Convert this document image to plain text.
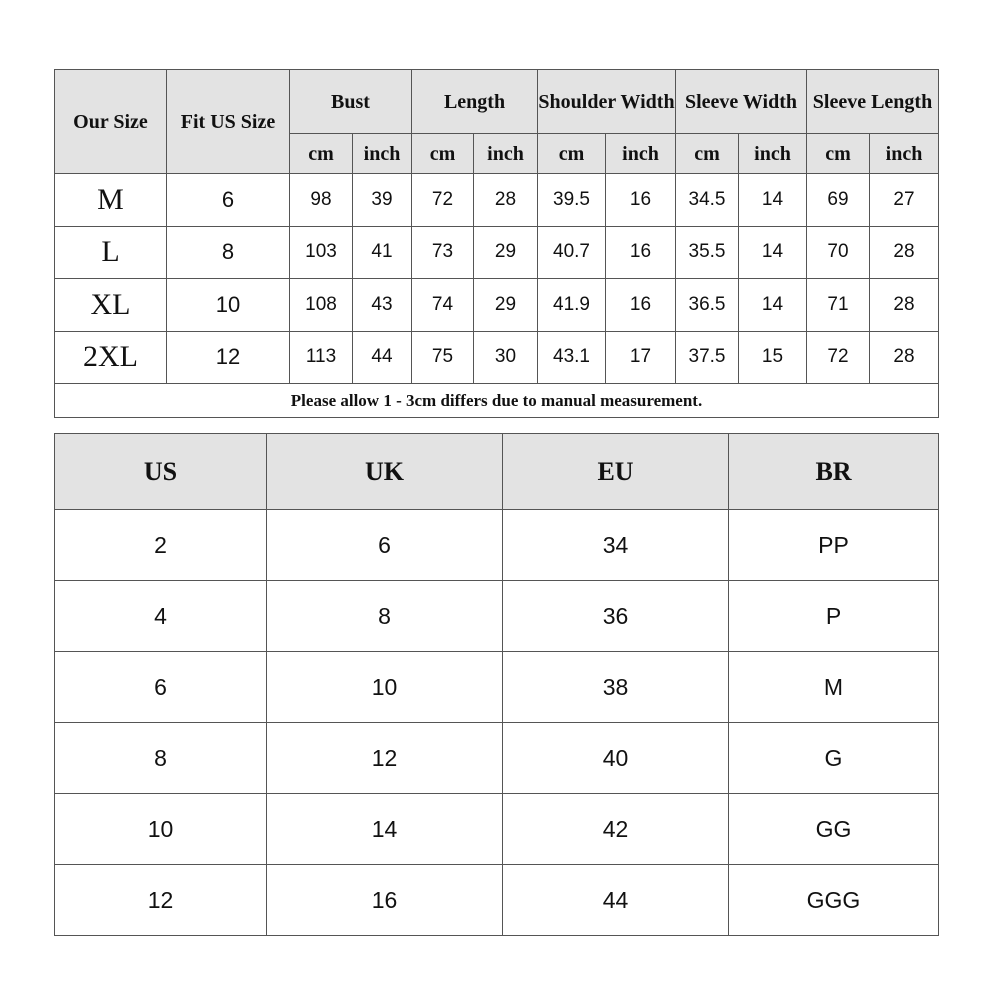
Our Size	Fit US Size	Bust		Length		Shoulder Width		Sleeve Width		Sleeve Length	
		cm	inch	cm	inch	cm	inch	cm	inch	cm	inch
M	6	98	39	72	28	39.5	16	34.5	14	69	27
L	8	103	41	73	29	40.7	16	35.5	14	70	28
XL	10	108	43	74	29	41.9	16	36.5	14	71	28
2XL	12	113	44	75	30	43.1	17	37.5	15	72	28
Please allow 1 - 3cm differs due to manual measurement.											
US	UK	EU	BR
2	6	34	PP
4	8	36	P
6	10	38	M
8	12	40	G
10	14	42	GG
12	16	44	GGG
